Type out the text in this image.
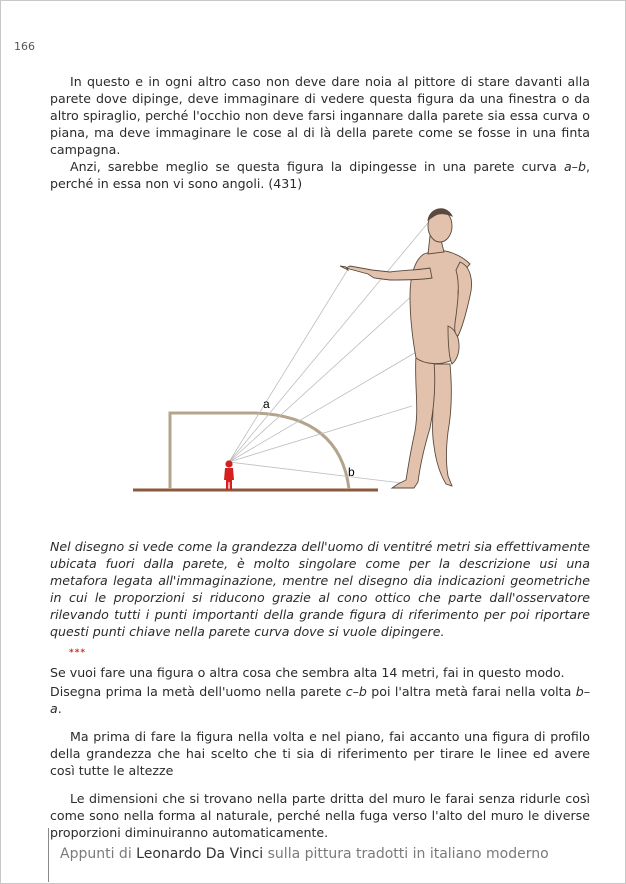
166

In questo e in ogni altro caso non deve dare noia al pittore di stare davanti alla parete dove dipinge, deve immaginare di vedere questa figura da una finestra o da altro spiraglio, perché l'occhio non deve farsi ingannare dalla parete sia essa curva o piana, ma deve immaginare le cose al di là della parete come se fosse in una finta campagna.

Anzi, sarebbe meglio se questa figura la dipingesse in una parete curva a–b, perché in essa non vi sono angoli. (431)

a
b

Nel disegno si vede come la grandezza dell'uomo di ventitré metri sia effettivamente ubicata fuori dalla parete, è molto singolare come per la descrizione usi una metafora legata all'immaginazione, mentre nel disegno dia indicazioni geometriche in cui le proporzioni si riducono grazie al cono ottico che parte dall'osservatore rilevando tutti i punti importanti della grande figura di riferimento per poi riportare questi punti chiave nella parete curva dove si vuole dipingere.

***

Se vuoi fare una figura o altra cosa che sembra alta 14 metri, fai in questo modo.

Disegna prima la metà dell'uomo nella parete c–b poi l'altra metà farai nella volta b–a.

Ma prima di fare la figura nella volta e nel piano, fai accanto una figura di profilo della grandezza che hai scelto che ti sia di riferimento per tirare le linee ed avere così tutte le altezze

Le dimensioni che si trovano nella parte dritta del muro le farai senza ridurle così come sono nella forma al naturale, perché nella fuga verso l'alto del muro le diverse proporzioni diminuiranno automaticamente.

Appunti di Leonardo Da Vinci sulla pittura tradotti in italiano moderno
